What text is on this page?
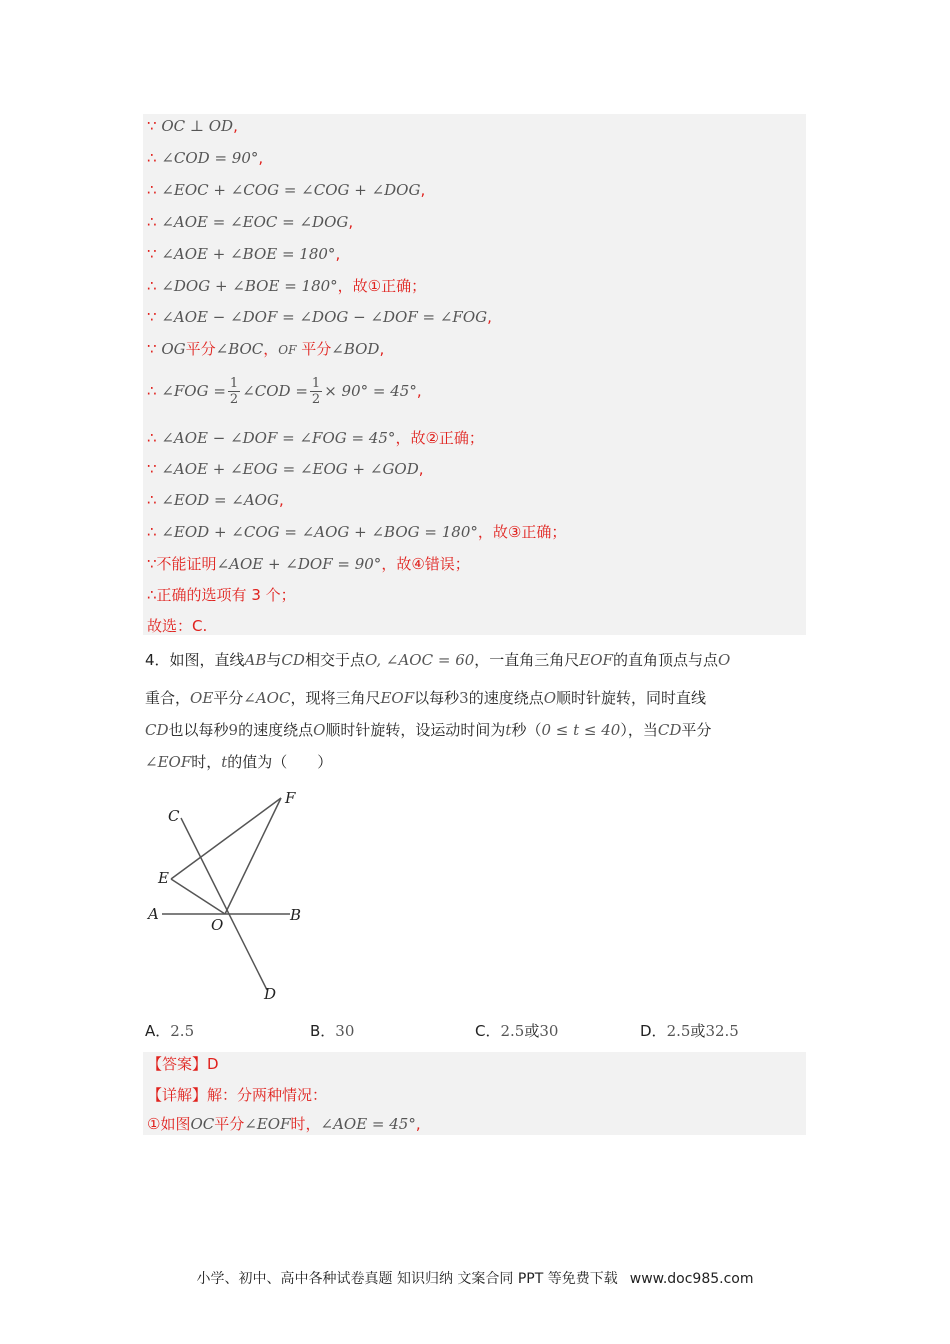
∵ OC ⊥ OD,
∴ ∠COD = 90°,
∴ ∠EOC + ∠COG = ∠COG + ∠DOG,
∴ ∠AOE = ∠EOC = ∠DOG,
∵ ∠AOE + ∠BOE = 180°,
∴ ∠DOG + ∠BOE = 180°，故①正确；
∵ ∠AOE − ∠DOF = ∠DOG − ∠DOF = ∠FOG,
∵ OG平分∠BOC，OF 平分∠BOD,
∴ ∠FOG = $\frac{1}{2}$ ∠COD = $\frac{1}{2} \times 90^\circ = 45^\circ$,
∴ ∠AOE − ∠DOF = ∠FOG = 45°，故②正确；
∵ ∠AOE + ∠EOG = ∠EOG + ∠GOD,
∴ ∠EOD = ∠AOG,
∴ ∠EOD + ∠COG = ∠AOG + ∠BOG = 180°，故③正确；
∵不能证明∠AOE + ∠DOF = 90°，故④错误；
∴正确的选项有 3 个；
故选：C.
4．如图，直线AB与CD相交于点O, ∠AOC = 60，一直角三角尺EOF的直角顶点与点O
重合，OE平分∠AOC，现将三角尺EOF以每秒3的速度绕点O顺时针旋转，同时直线
CD也以每秒9的速度绕点O顺时针旋转，设运动时间为t秒（0 ≤ t ≤ 40），当CD平分
∠EOF时，t的值为（　　）
C
F
E
A
O
B
D
A．2.5	B．30	C．2.5或30	D．2.5或32.5
【答案】D
【详解】解：分两种情况：
①如图OC平分∠EOF时，∠AOE = 45°,
小学、初中、高中各种试卷真题 知识归纳 文案合同 PPT 等免费下载 www.doc985.com
